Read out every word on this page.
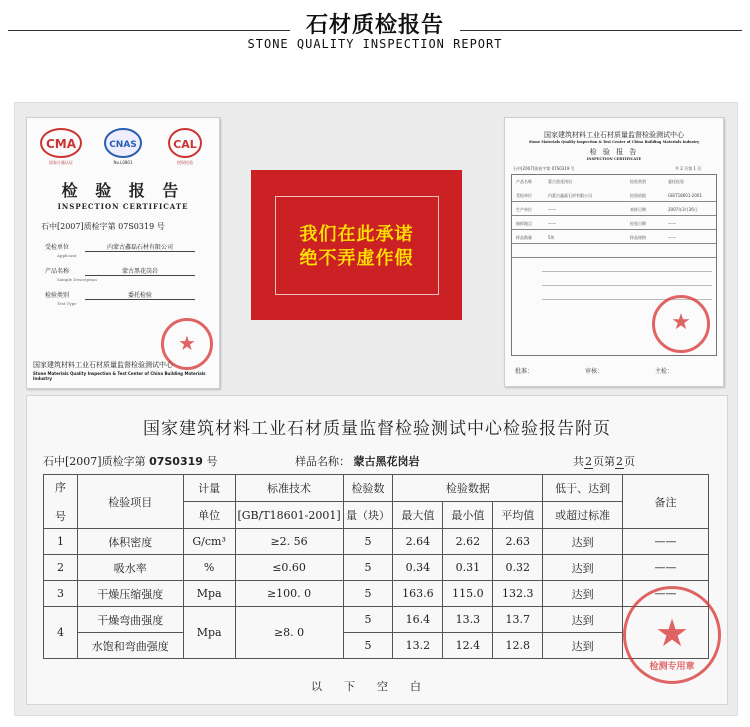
石材质检报告
STONE QUALITY INSPECTION REPORT
CMA
国家计量认证
CNAS
No.L0801
CAL
授权检验
检 验 报 告
INSPECTION CERTIFICATE
石中[2007]质检字第 07S0319 号
受检单位	内蒙古鑫磊石材有限公司
Applicant
产品名称	蒙古黑花岗岩
Sample Description
检验类别	委托检验
Test Type
★
国家建筑材料工业石材质量监督检验测试中心
Stone Materials Quality Inspection & Test Center of China Building Materials Industry
我们在此承诺
绝不弄虚作假
国家建筑材料工业石材质量监督检验测试中心
Stone Materials Quality Inspection & Test Center of China Building Materials Industry
检 验 报 告
INSPECTION CERTIFICATE
石中[2007]质检字第 07S0319 号	共 2 页第 1 页
产品名称	蒙古黑花岗岩	检验类别	委托检验
受检单位	内蒙古鑫磊石材有限公司	检验依据	GB/T18601-2001
生产单位	——	来样日期	2007年3月26日
抽样地点	——	检验日期	——
样品数量	5块	样品规格	——
★
批准：	审核：	主检：
国家建筑材料工业石材质量监督检验测试中心检验报告附页
石中[2007]质检字第 07S0319 号	样品名称： 蒙古黑花岗岩	共2页第2页
序

号	检验项目	计量	标准技术	检验数	检验数据			低于、达到	备注
		单位	[GB/T18601-2001]	量（块）	最大值	最小值	平均值	或超过标准	
1	体积密度	G/cm³	≥2. 56	5	2.64	2.62	2.63	达到	——
2	吸水率	%	≤0.60	5	0.34	0.31	0.32	达到	——
3	干燥压缩强度	Mpa	≥100. 0	5	163.6	115.0	132.3	达到	——
4	干燥弯曲强度	Mpa	≥8. 0	5	16.4	13.3	13.7	达到	
	水饱和弯曲强度			5	13.2	12.4	12.8	达到		★
检测专用章
以下空白
